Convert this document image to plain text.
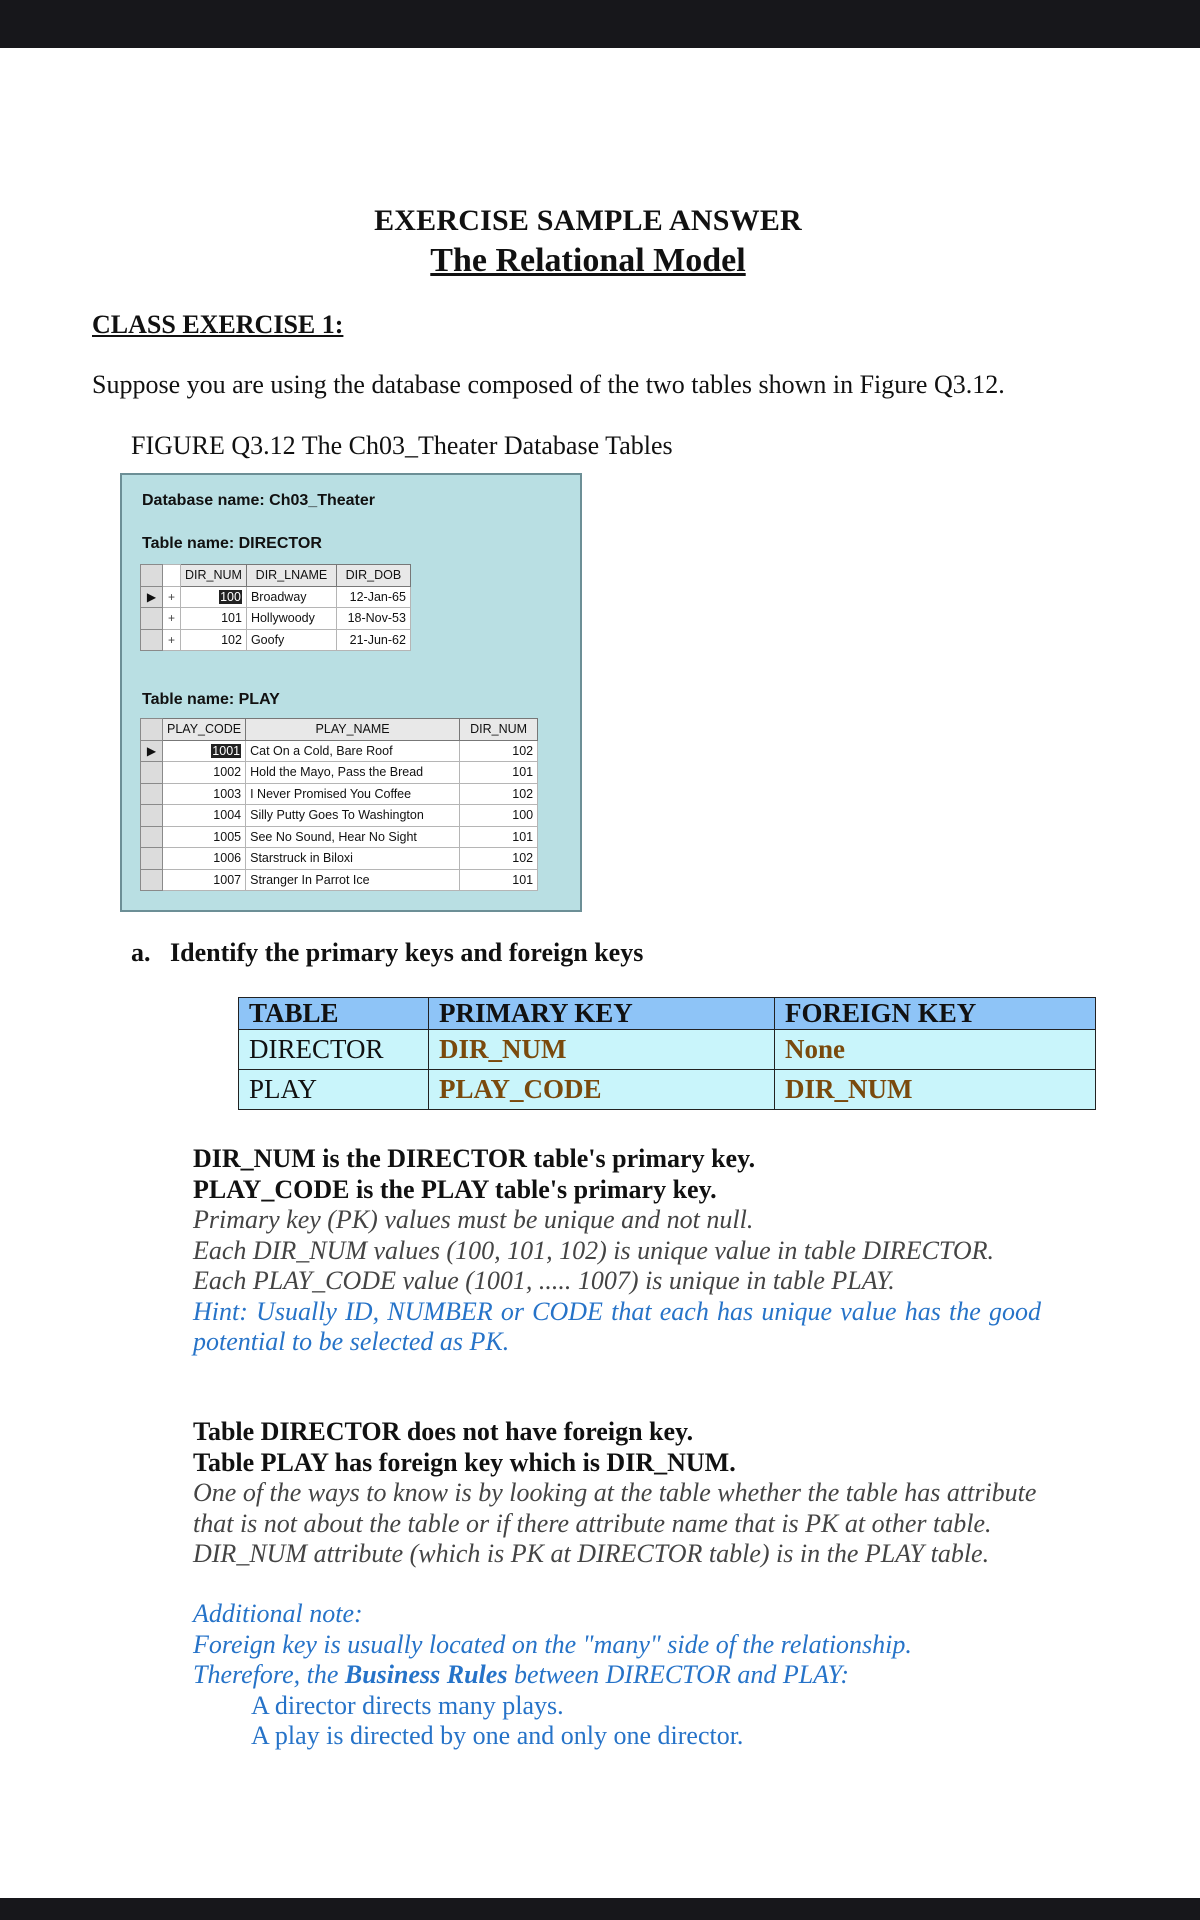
EXERCISE SAMPLE ANSWER
The Relational Model
CLASS EXERCISE 1:
Suppose you are using the database composed of the two tables shown in Figure Q3.12.
FIGURE Q3.12 The Ch03_Theater Database Tables
Database name: Ch03_Theater
Table name: DIRECTOR
		DIR_NUM	DIR_LNAME	DIR_DOB
▶	+	100	Broadway	12-Jan-65
	+	101	Hollywoody	18-Nov-53
	+	102	Goofy	21-Jun-62
Table name: PLAY
	PLAY_CODE	PLAY_NAME	DIR_NUM
▶	1001	Cat On a Cold, Bare Roof	102
	1002	Hold the Mayo, Pass the Bread	101
	1003	I Never Promised You Coffee	102
	1004	Silly Putty Goes To Washington	100
	1005	See No Sound, Hear No Sight	101
	1006	Starstruck in Biloxi	102
	1007	Stranger In Parrot Ice	101
a. Identify the primary keys and foreign keys
TABLE	PRIMARY KEY	FOREIGN KEY
DIRECTOR	DIR_NUM	None
PLAY	PLAY_CODE	DIR_NUM
DIR_NUM is the DIRECTOR table's primary key.
PLAY_CODE is the PLAY table's primary key.
Primary key (PK) values must be unique and not null.
Each DIR_NUM values (100, 101, 102) is unique value in table DIRECTOR.
Each PLAY_CODE value (1001, ..... 1007) is unique in table PLAY.
Hint: Usually ID, NUMBER or CODE that each has unique value has the good potential to be selected as PK.
Table DIRECTOR does not have foreign key.
Table PLAY has foreign key which is DIR_NUM.
One of the ways to know is by looking at the table whether the table has attribute
that is not about the table or if there attribute name that is PK at other table.
DIR_NUM attribute (which is PK at DIRECTOR table) is in the PLAY table.
Additional note:
Foreign key is usually located on the "many" side of the relationship.
Therefore, the Business Rules between DIRECTOR and PLAY:
A director directs many plays.
A play is directed by one and only one director.
